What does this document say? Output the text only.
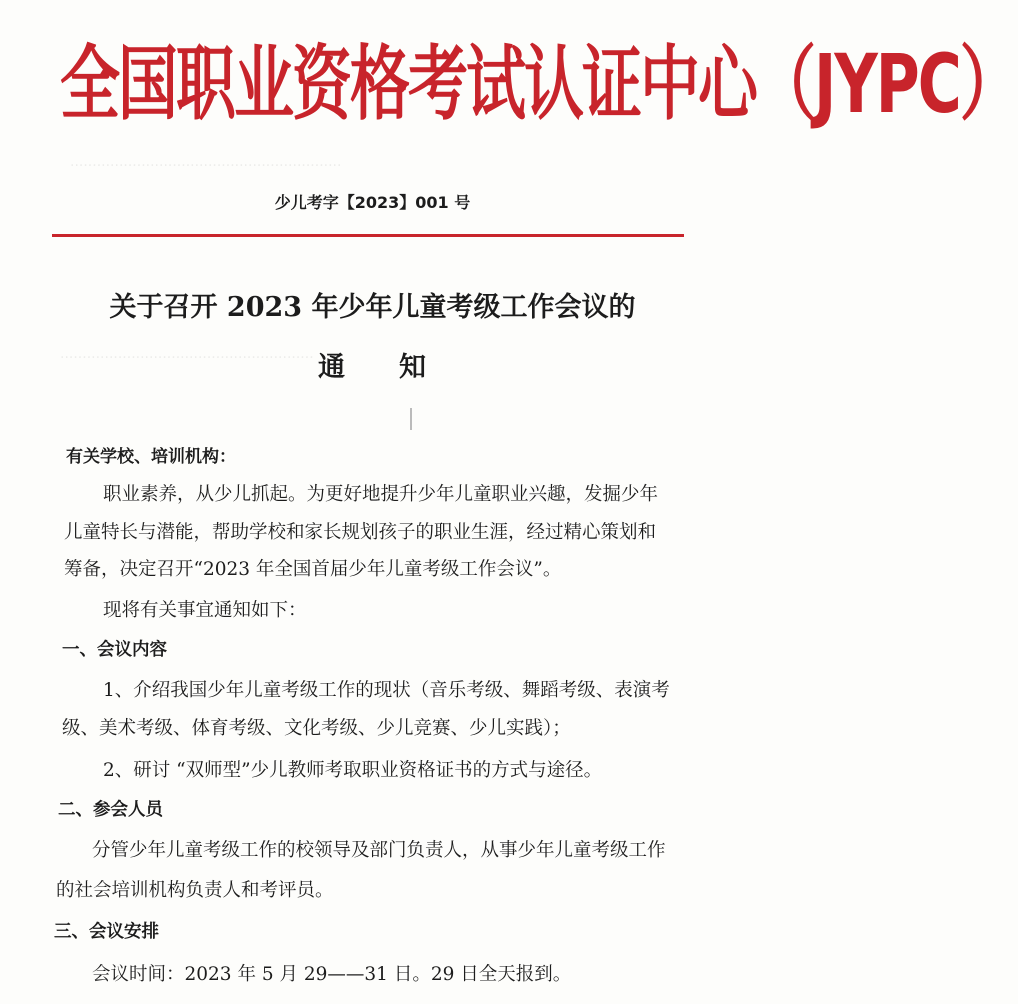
·····························································
·························································
全国职业资格考试认证中心（JYPC）
少儿考字【2023】001 号
关于召开 2023 年少年儿童考级工作会议的
通知
有关学校、培训机构：
职业素养，从少儿抓起。为更好地提升少年儿童职业兴趣，发掘少年
儿童特长与潜能，帮助学校和家长规划孩子的职业生涯，经过精心策划和
筹备，决定召开“2023 年全国首届少年儿童考级工作会议”。
现将有关事宜通知如下：
一、会议内容
1、介绍我国少年儿童考级工作的现状（音乐考级、舞蹈考级、表演考
级、美术考级、体育考级、文化考级、少儿竞赛、少儿实践）；
2、研讨 “双师型”少儿教师考取职业资格证书的方式与途径。
二、参会人员
分管少年儿童考级工作的校领导及部门负责人，从事少年儿童考级工作
的社会培训机构负责人和考评员。
三、会议安排
会议时间：2023 年 5 月 29——31 日。29 日全天报到。
